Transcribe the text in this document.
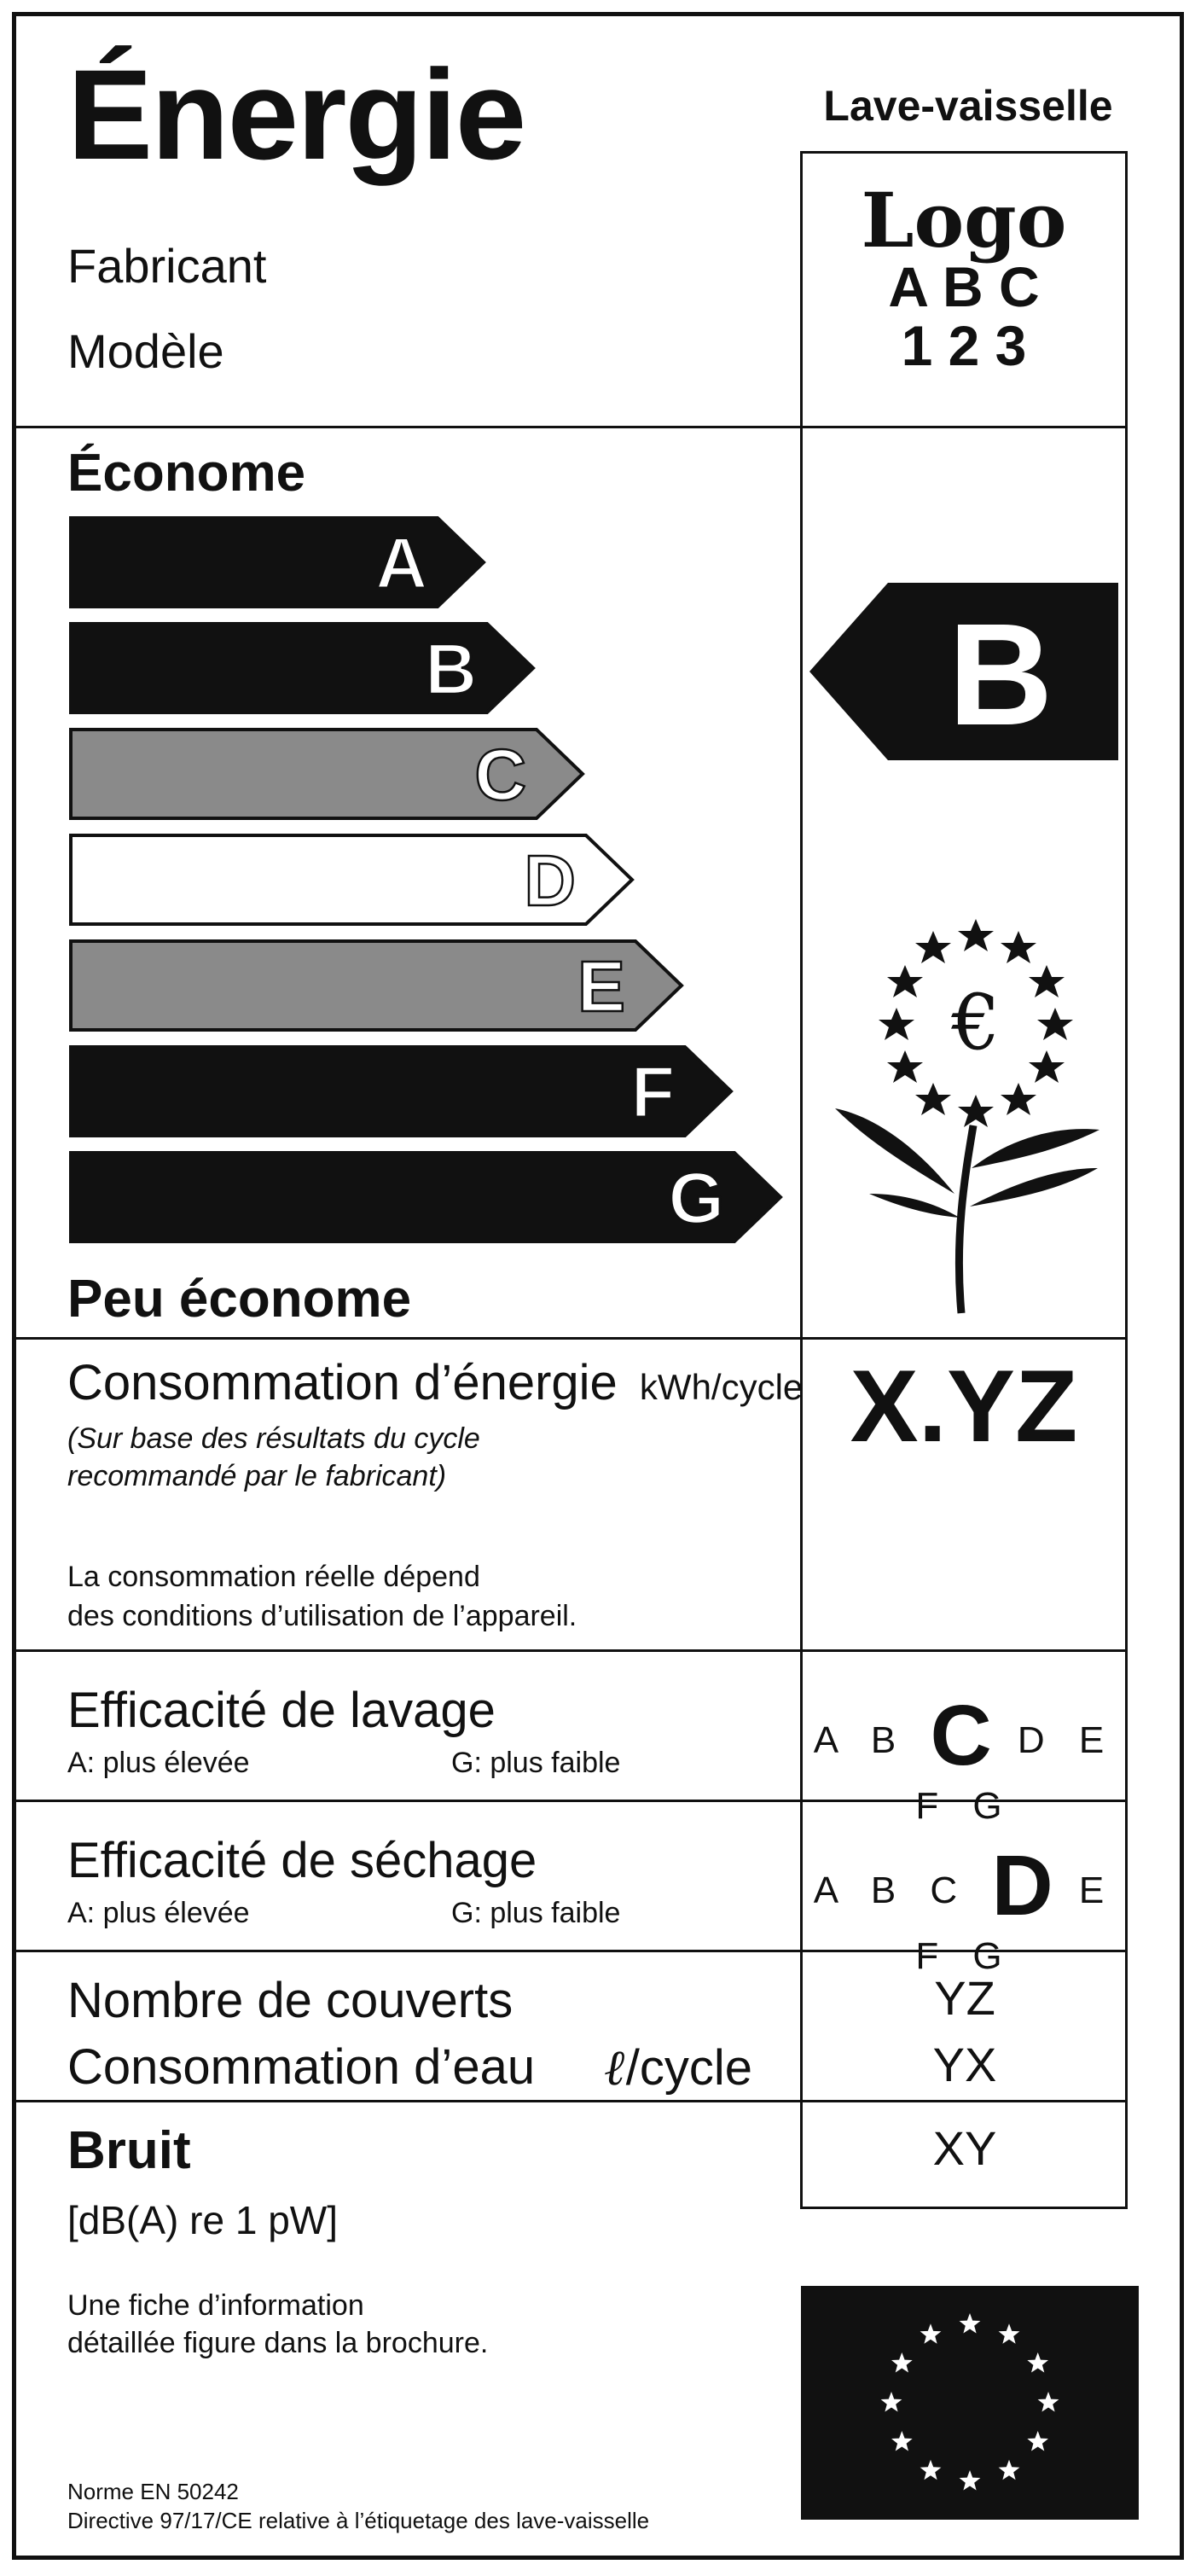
Énergie	Lave-vaisselle
Fabricant
Modèle
Logo
A B C
1 2 3
Économe
A
B
C
D
E
F
G
Peu économe
B
€
Consommation d’énergie kWh/cycle
(Sur base des résultats du cycle
recommandé par le fabricant)
La consommation réelle dépend
des conditions d’utilisation de l’appareil.
X.YZ
Efficacité de lavage
A: plus élevée	G: plus faible
A B C D E F G
Efficacité de séchage
A: plus élevée	G: plus faible
A B C D E F G
Nombre de couverts	YZ
Consommation d’eau ℓ/cycle	YX
Bruit
[dB(A) re 1 pW]
XY
Une fiche d’information
détaillée figure dans la brochure.
Norme EN 50242
Directive 97/17/CE relative à l’étiquetage des lave-vaisselle
